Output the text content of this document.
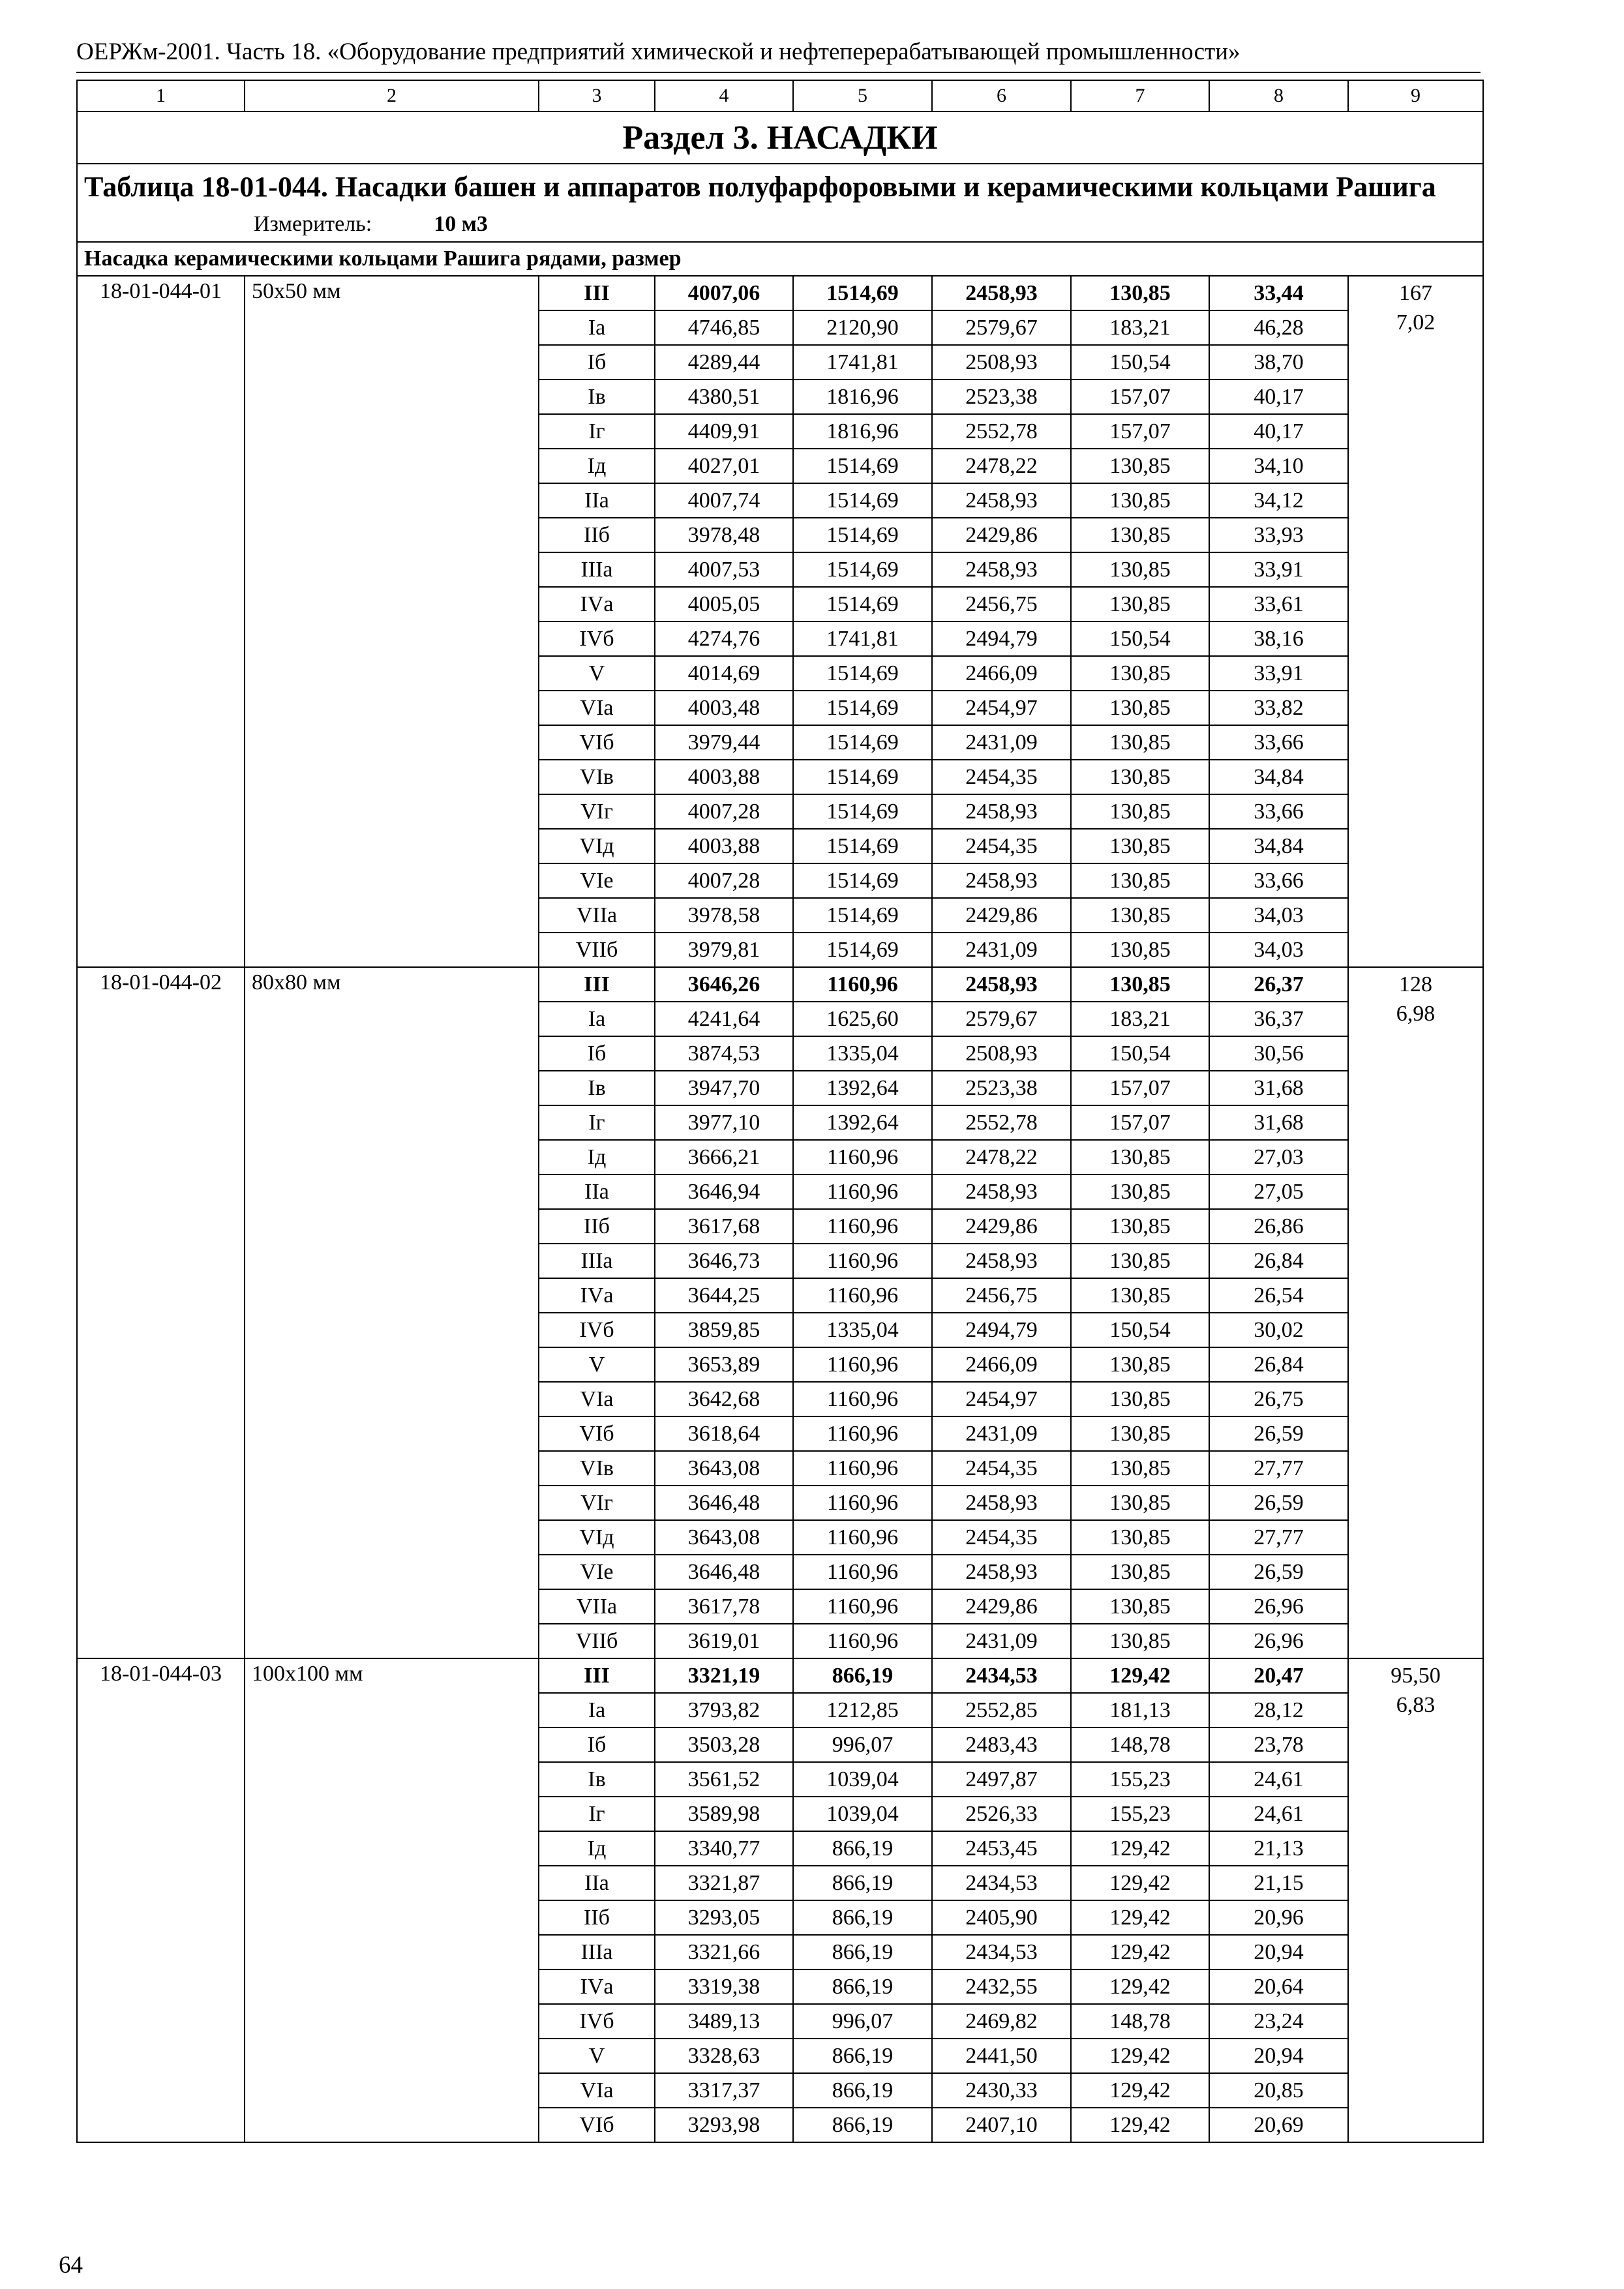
ОЕРЖм-2001. Часть 18. «Оборудование предприятий химической и нефтеперерабатывающей промышленности»
1	2	3	4	5	6	7	8	9
Раздел 3. НАСАДКИ								
Таблица 18-01-044. Насадки башен и аппаратов полуфарфоровыми и керамическими кольцами Рашига								
Измеритель: 10 м3								
Насадка керамическими кольцами Рашига рядами, размер								
18-01-044-01	50х50 мм	III	4007,06	1514,69	2458,93	130,85	33,44	167
		Iа	4746,85	2120,90	2579,67	183,21	46,28	7,02
		Iб	4289,44	1741,81	2508,93	150,54	38,70	
		Iв	4380,51	1816,96	2523,38	157,07	40,17	
		Iг	4409,91	1816,96	2552,78	157,07	40,17	
		Iд	4027,01	1514,69	2478,22	130,85	34,10	
		IIа	4007,74	1514,69	2458,93	130,85	34,12	
		IIб	3978,48	1514,69	2429,86	130,85	33,93	
		IIIа	4007,53	1514,69	2458,93	130,85	33,91	
		IVа	4005,05	1514,69	2456,75	130,85	33,61	
		IVб	4274,76	1741,81	2494,79	150,54	38,16	
		V	4014,69	1514,69	2466,09	130,85	33,91	
		VIа	4003,48	1514,69	2454,97	130,85	33,82	
		VIб	3979,44	1514,69	2431,09	130,85	33,66	
		VIв	4003,88	1514,69	2454,35	130,85	34,84	
		VIг	4007,28	1514,69	2458,93	130,85	33,66	
		VIд	4003,88	1514,69	2454,35	130,85	34,84	
		VIе	4007,28	1514,69	2458,93	130,85	33,66	
		VIIа	3978,58	1514,69	2429,86	130,85	34,03	
		VIIб	3979,81	1514,69	2431,09	130,85	34,03	
18-01-044-02	80х80 мм	III	3646,26	1160,96	2458,93	130,85	26,37	128
		Iа	4241,64	1625,60	2579,67	183,21	36,37	6,98
		Iб	3874,53	1335,04	2508,93	150,54	30,56	
		Iв	3947,70	1392,64	2523,38	157,07	31,68	
		Iг	3977,10	1392,64	2552,78	157,07	31,68	
		Iд	3666,21	1160,96	2478,22	130,85	27,03	
		IIа	3646,94	1160,96	2458,93	130,85	27,05	
		IIб	3617,68	1160,96	2429,86	130,85	26,86	
		IIIа	3646,73	1160,96	2458,93	130,85	26,84	
		IVа	3644,25	1160,96	2456,75	130,85	26,54	
		IVб	3859,85	1335,04	2494,79	150,54	30,02	
		V	3653,89	1160,96	2466,09	130,85	26,84	
		VIа	3642,68	1160,96	2454,97	130,85	26,75	
		VIб	3618,64	1160,96	2431,09	130,85	26,59	
		VIв	3643,08	1160,96	2454,35	130,85	27,77	
		VIг	3646,48	1160,96	2458,93	130,85	26,59	
		VIд	3643,08	1160,96	2454,35	130,85	27,77	
		VIе	3646,48	1160,96	2458,93	130,85	26,59	
		VIIа	3617,78	1160,96	2429,86	130,85	26,96	
		VIIб	3619,01	1160,96	2431,09	130,85	26,96	
18-01-044-03	100х100 мм	III	3321,19	866,19	2434,53	129,42	20,47	95,50
		Iа	3793,82	1212,85	2552,85	181,13	28,12	6,83
		Iб	3503,28	996,07	2483,43	148,78	23,78	
		Iв	3561,52	1039,04	2497,87	155,23	24,61	
		Iг	3589,98	1039,04	2526,33	155,23	24,61	
		Iд	3340,77	866,19	2453,45	129,42	21,13	
		IIа	3321,87	866,19	2434,53	129,42	21,15	
		IIб	3293,05	866,19	2405,90	129,42	20,96	
		IIIа	3321,66	866,19	2434,53	129,42	20,94	
		IVа	3319,38	866,19	2432,55	129,42	20,64	
		IVб	3489,13	996,07	2469,82	148,78	23,24	
		V	3328,63	866,19	2441,50	129,42	20,94	
		VIа	3317,37	866,19	2430,33	129,42	20,85	
		VIб	3293,98	866,19	2407,10	129,42	20,69	
64
